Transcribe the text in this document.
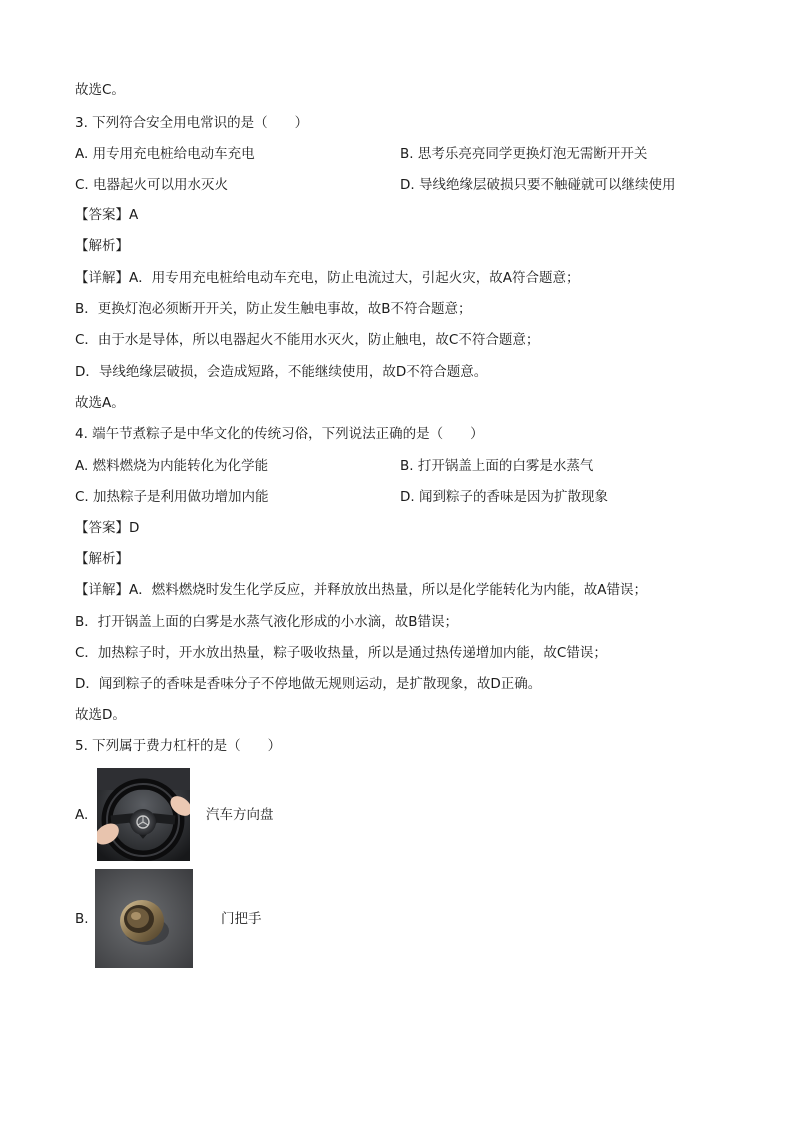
故选C。
3. 下列符合安全用电常识的是（　　）
A. 用专用充电桩给电动车充电	B. 思考乐亮亮同学更换灯泡无需断开开关
C. 电器起火可以用水灭火	D. 导线绝缘层破损只要不触碰就可以继续使用
【答案】A
【解析】
【详解】A．用专用充电桩给电动车充电，防止电流过大，引起火灾，故A符合题意；
B．更换灯泡必须断开开关，防止发生触电事故，故B不符合题意；
C．由于水是导体，所以电器起火不能用水灭火，防止触电，故C不符合题意；
D．导线绝缘层破损，会造成短路，不能继续使用，故D不符合题意。
故选A。
4. 端午节煮粽子是中华文化的传统习俗，下列说法正确的是（　　）
A. 燃料燃烧为内能转化为化学能	B. 打开锅盖上面的白雾是水蒸气
C. 加热粽子是利用做功增加内能	D. 闻到粽子的香味是因为扩散现象
【答案】D
【解析】
【详解】A．燃料燃烧时发生化学反应，并释放放出热量，所以是化学能转化为内能，故A错误；
B．打开锅盖上面的白雾是水蒸气液化形成的小水滴，故B错误；
C．加热粽子时，开水放出热量，粽子吸收热量，所以是通过热传递增加内能，故C错误；
D．闻到粽子的香味是香味分子不停地做无规则运动，是扩散现象，故D正确。
故选D。
5. 下列属于费力杠杆的是（　　）
A.	汽车方向盘
B.	门把手
